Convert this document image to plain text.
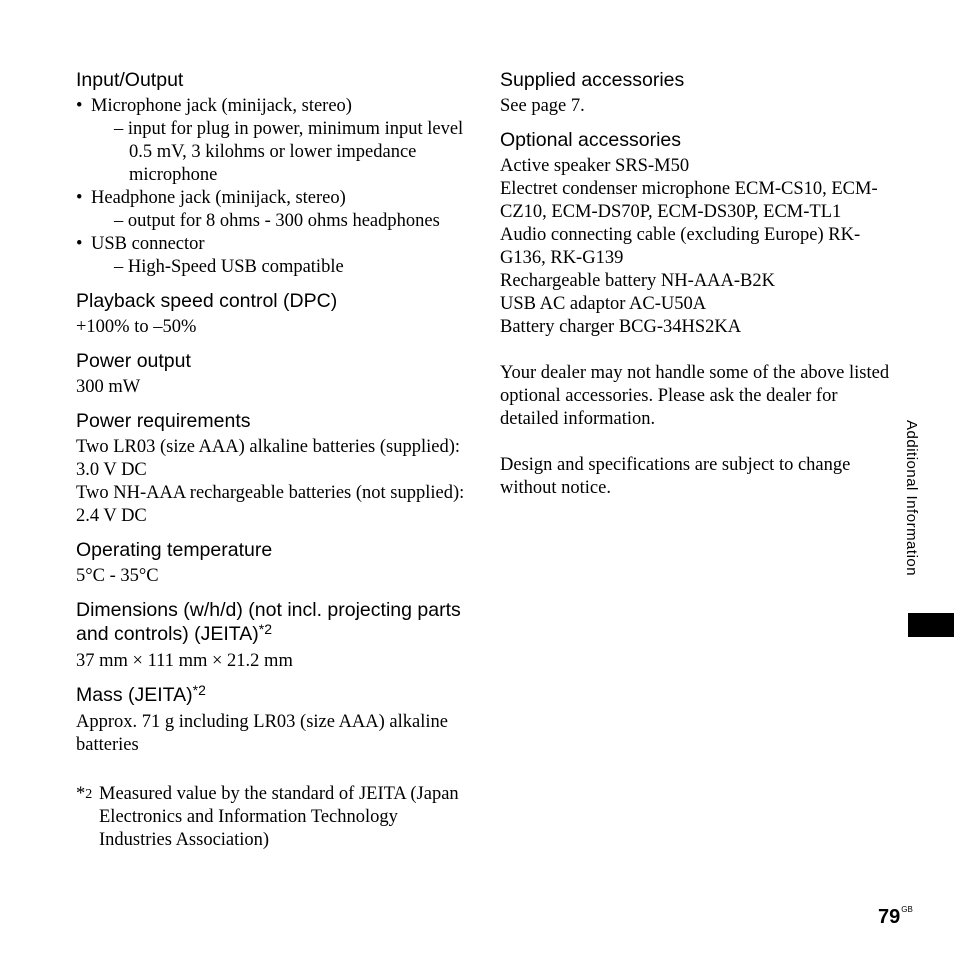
Input/Output
• Microphone jack (minijack, stereo)
– input for plug in power, minimum input level 0.5 mV, 3 kilohms or lower impedance microphone
• Headphone jack (minijack, stereo)
– output for 8 ohms - 300 ohms headphones
• USB connector
– High-Speed USB compatible
Playback speed control (DPC)
+100% to –50%
Power output
300 mW
Power requirements
Two LR03 (size AAA) alkaline batteries (supplied): 3.0 V DC
Two NH-AAA rechargeable batteries (not supplied): 2.4 V DC
Operating temperature
5°C - 35°C
Dimensions (w/h/d) (not incl. projecting parts and controls) (JEITA)$^{*2}$
37 mm × 111 mm × 21.2 mm
Mass (JEITA)$^{*2}$
Approx. 71 g including LR03 (size AAA) alkaline batteries
*$^2$ Measured value by the standard of JEITA (Japan Electronics and Information Technology Industries Association)
Supplied accessories
See page 7.
Optional accessories
Active speaker SRS-M50
Electret condenser microphone ECM-CS10, ECM-CZ10, ECM-DS70P, ECM-DS30P, ECM-TL1
Audio connecting cable (excluding Europe) RK-G136, RK-G139
Rechargeable battery NH-AAA-B2K
USB AC adaptor AC-U50A
Battery charger BCG-34HS2KA
Your dealer may not handle some of the above listed optional accessories. Please ask the dealer for detailed information.
Design and specifications are subject to change without notice.	Additional Information
$79^{GB}$
